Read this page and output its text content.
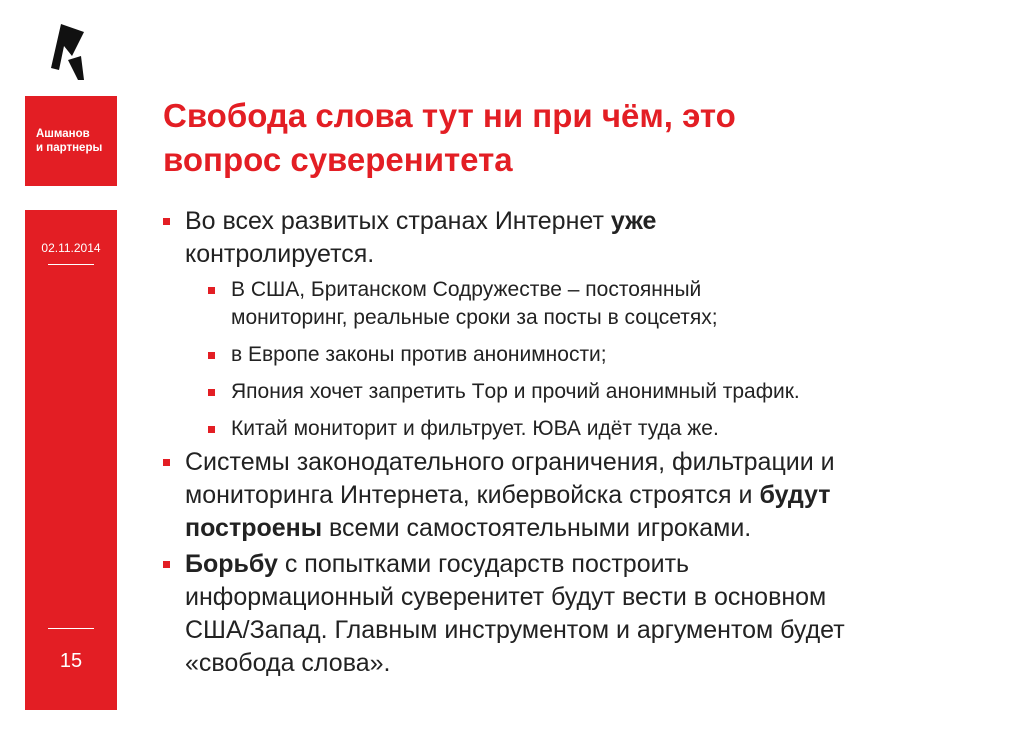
Ашманов
и партнеры
02.11.2014
15
Свобода слова тут ни при чём, это
вопрос суверенитета
Во всех развитых странах Интернет уже
контролируется.
В США, Британском Содружестве – постоянный
мониторинг, реальные сроки за посты в соцсетях;
в Европе законы против анонимности;
Япония хочет запретить Tор и прочий анонимный трафик.
Китай мониторит и фильтрует. ЮВА идёт туда же.
Системы законодательного ограничения, фильтрации и
мониторинга Интернета, кибервойска строятся и будут
построены всеми самостоятельными игроками.
Борьбу с попытками государств построить
информационный суверенитет будут вести в основном
США/Запад. Главным инструментом и аргументом будет
«свобода слова».
